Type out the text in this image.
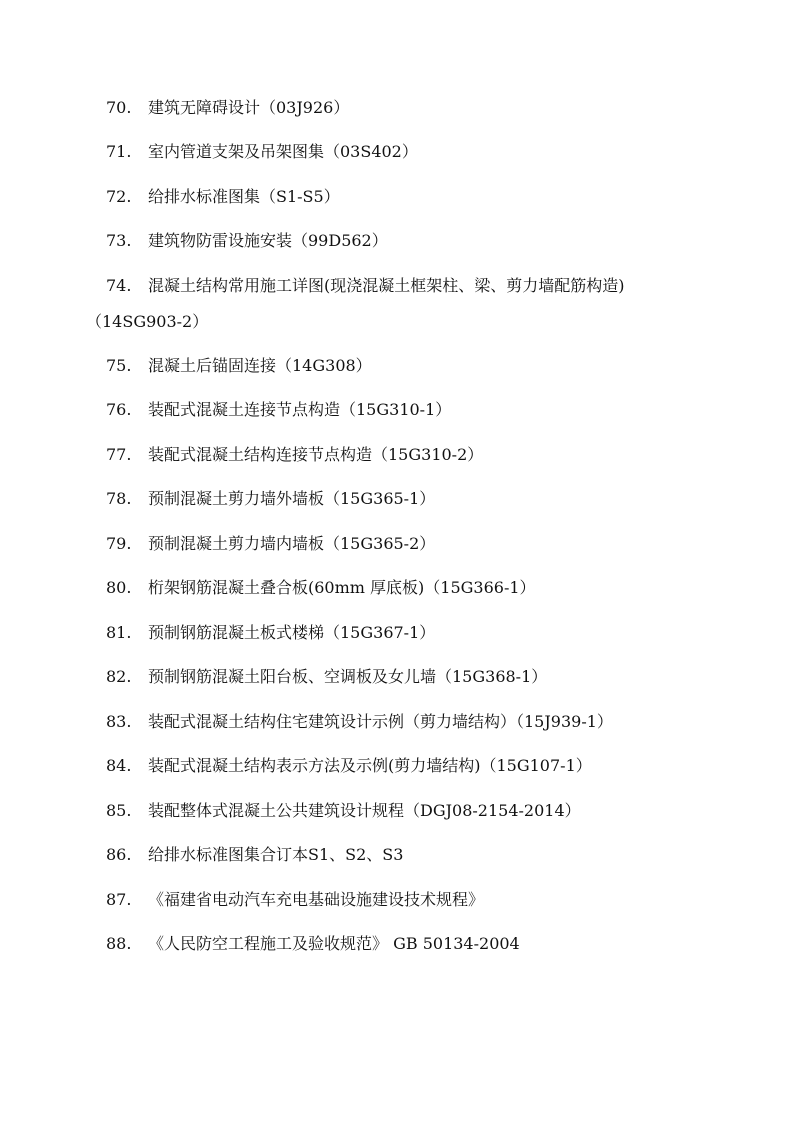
70. 建筑无障碍设计（03J926）
71. 室内管道支架及吊架图集（03S402）
72. 给排水标准图集（S1-S5）
73. 建筑物防雷设施安装（99D562）
74. 混凝土结构常用施工详图(现浇混凝土框架柱、梁、剪力墙配筋构造)
（14SG903-2）
75. 混凝土后锚固连接（14G308）
76. 装配式混凝土连接节点构造（15G310-1）
77. 装配式混凝土结构连接节点构造（15G310-2）
78. 预制混凝土剪力墙外墙板（15G365-1）
79. 预制混凝土剪力墙内墙板（15G365-2）
80. 桁架钢筋混凝土叠合板(60mm 厚底板)（15G366-1）
81. 预制钢筋混凝土板式楼梯（15G367-1）
82. 预制钢筋混凝土阳台板、空调板及女儿墙（15G368-1）
83. 装配式混凝土结构住宅建筑设计示例（剪力墙结构）（15J939-1）
84. 装配式混凝土结构表示方法及示例(剪力墙结构)（15G107-1）
85. 装配整体式混凝土公共建筑设计规程（DGJ08-2154-2014）
86. 给排水标准图集合订本S1、S2、S3
87. 《福建省电动汽车充电基础设施建设技术规程》
88. 《人民防空工程施工及验收规范》 GB 50134-2004
